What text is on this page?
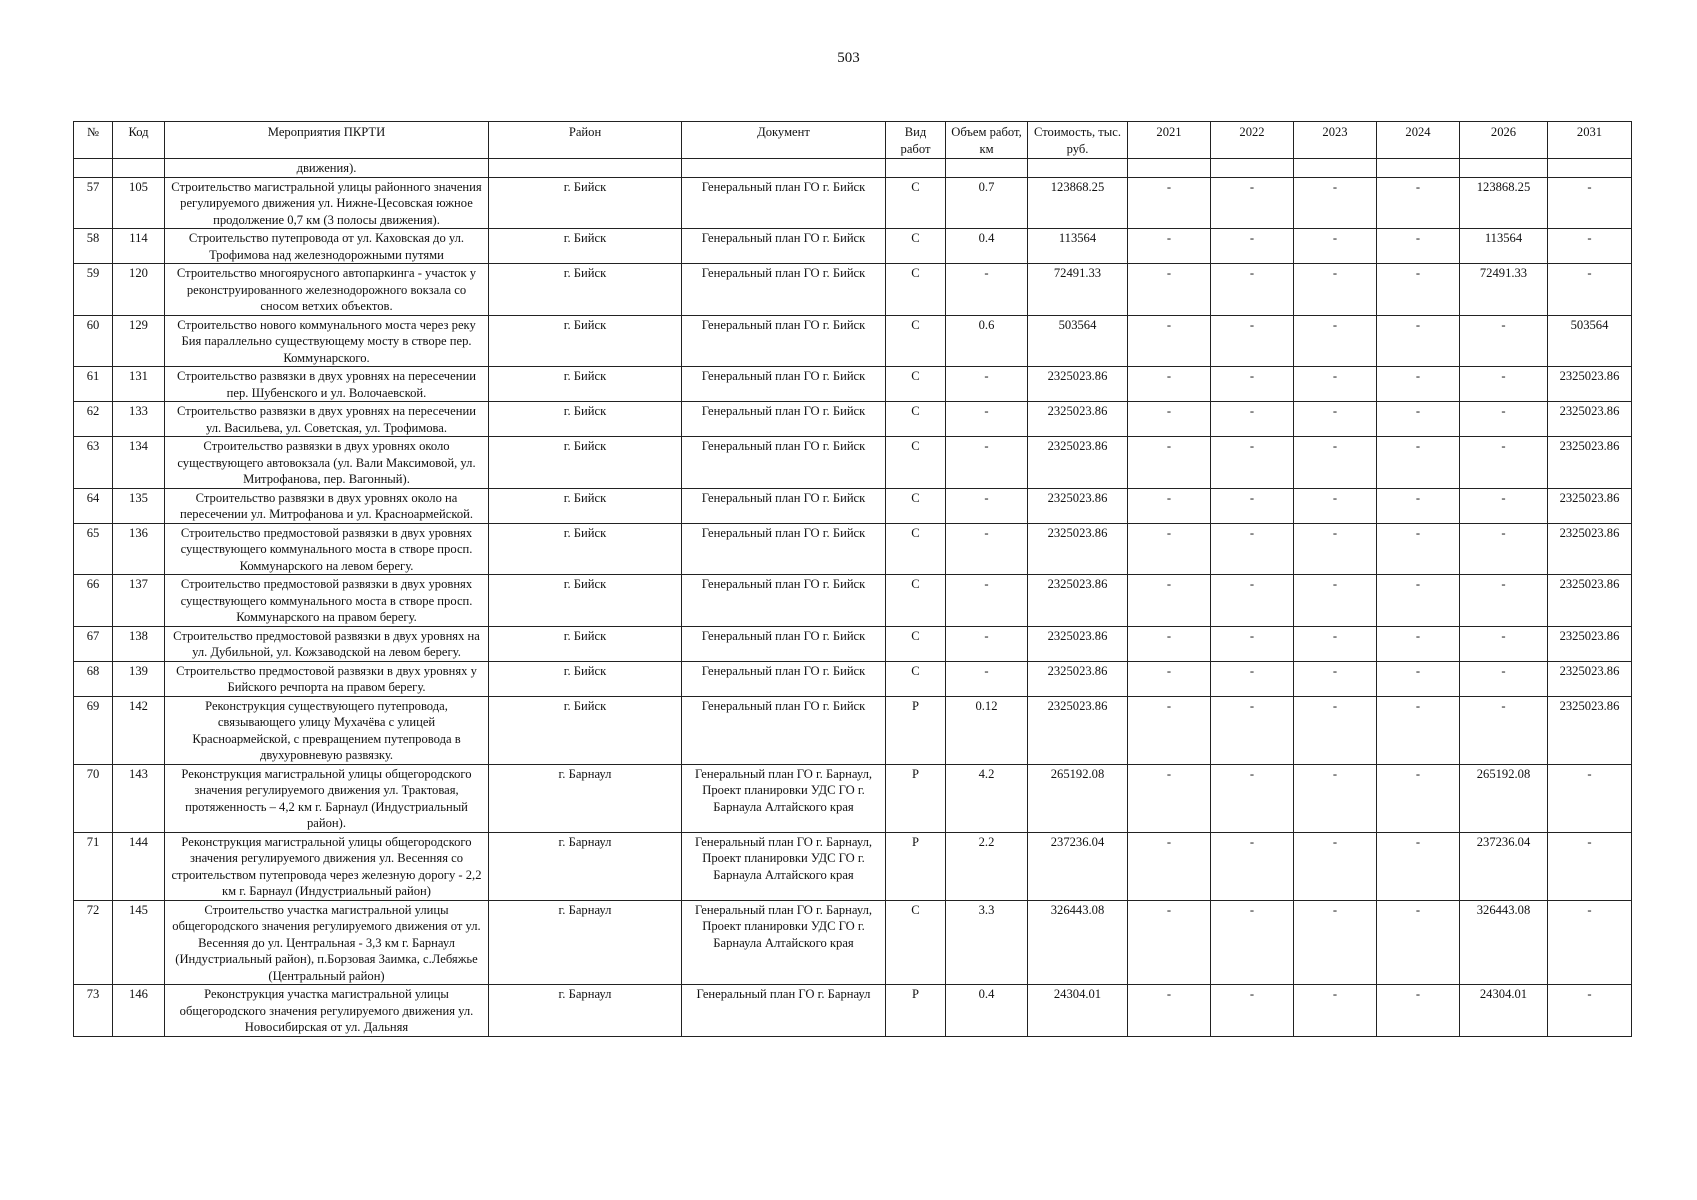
503
№	Код	Мероприятия ПКРТИ	Район	Документ	Вид работ	Объем работ, км	Стоимость, тыс. руб.	2021	2022	2023	2024	2026	2031
		движения).											
57	105	Строительство магистральной улицы районного значения регулируемого движения ул. Нижне-Цесовская южное продолжение 0,7 км (3 полосы движения).	г. Бийск	Генеральный план ГО г. Бийск	С	0.7	123868.25	-	-	-	-	123868.25	-
58	114	Строительство путепровода от ул. Каховская до ул. Трофимова над железнодорожными путями	г. Бийск	Генеральный план ГО г. Бийск	С	0.4	113564	-	-	-	-	113564	-
59	120	Строительство многоярусного автопаркинга - участок у реконструированного железнодорожного вокзала со сносом ветхих объектов.	г. Бийск	Генеральный план ГО г. Бийск	С	-	72491.33	-	-	-	-	72491.33	-
60	129	Строительство нового коммунального моста через реку Бия параллельно существующему мосту в створе пер. Коммунарского.	г. Бийск	Генеральный план ГО г. Бийск	С	0.6	503564	-	-	-	-	-	503564
61	131	Строительство развязки в двух уровнях на пересечении пер. Шубенского и ул. Волочаевской.	г. Бийск	Генеральный план ГО г. Бийск	С	-	2325023.86	-	-	-	-	-	2325023.86
62	133	Строительство развязки в двух уровнях на пересечении ул. Васильева, ул. Советская, ул. Трофимова.	г. Бийск	Генеральный план ГО г. Бийск	С	-	2325023.86	-	-	-	-	-	2325023.86
63	134	Строительство развязки в двух уровнях около существующего автовокзала (ул. Вали Максимовой, ул. Митрофанова, пер. Вагонный).	г. Бийск	Генеральный план ГО г. Бийск	С	-	2325023.86	-	-	-	-	-	2325023.86
64	135	Строительство развязки в двух уровнях около на пересечении ул. Митрофанова и ул. Красноармейской.	г. Бийск	Генеральный план ГО г. Бийск	С	-	2325023.86	-	-	-	-	-	2325023.86
65	136	Строительство предмостовой развязки в двух уровнях существующего коммунального моста в створе просп. Коммунарского на левом берегу.	г. Бийск	Генеральный план ГО г. Бийск	С	-	2325023.86	-	-	-	-	-	2325023.86
66	137	Строительство предмостовой развязки в двух уровнях существующего коммунального моста в створе просп. Коммунарского на правом берегу.	г. Бийск	Генеральный план ГО г. Бийск	С	-	2325023.86	-	-	-	-	-	2325023.86
67	138	Строительство предмостовой развязки в двух уровнях на ул. Дубильной, ул. Кожзаводской на левом берегу.	г. Бийск	Генеральный план ГО г. Бийск	С	-	2325023.86	-	-	-	-	-	2325023.86
68	139	Строительство предмостовой развязки в двух уровнях у Бийского речпорта на правом берегу.	г. Бийск	Генеральный план ГО г. Бийск	С	-	2325023.86	-	-	-	-	-	2325023.86
69	142	Реконструкция существующего путепровода, связывающего улицу Мухачёва с улицей Красноармейской, с превращением путепровода в двухуровневую развязку.	г. Бийск	Генеральный план ГО г. Бийск	Р	0.12	2325023.86	-	-	-	-	-	2325023.86
70	143	Реконструкция магистральной улицы общегородского значения регулируемого движения ул. Трактовая, протяженность – 4,2 км г. Барнаул (Индустриальный район).	г. Барнаул	Генеральный план ГО г. Барнаул, Проект планировки УДС ГО г. Барнаула Алтайского края	Р	4.2	265192.08	-	-	-	-	265192.08	-
71	144	Реконструкция магистральной улицы общегородского значения регулируемого движения ул. Весенняя со строительством путепровода через железную дорогу - 2,2 км г. Барнаул (Индустриальный район)	г. Барнаул	Генеральный план ГО г. Барнаул, Проект планировки УДС ГО г. Барнаула Алтайского края	Р	2.2	237236.04	-	-	-	-	237236.04	-
72	145	Строительство участка магистральной улицы общегородского значения регулируемого движения от ул. Весенняя до ул. Центральная - 3,3 км г. Барнаул (Индустриальный район), п.Борзовая Заимка, с.Лебяжье (Центральный район)	г. Барнаул	Генеральный план ГО г. Барнаул, Проект планировки УДС ГО г. Барнаула Алтайского края	С	3.3	326443.08	-	-	-	-	326443.08	-
73	146	Реконструкция участка магистральной улицы общегородского значения регулируемого движения ул. Новосибирская от ул. Дальняя	г. Барнаул	Генеральный план ГО г. Барнаул	Р	0.4	24304.01	-	-	-	-	24304.01	-
